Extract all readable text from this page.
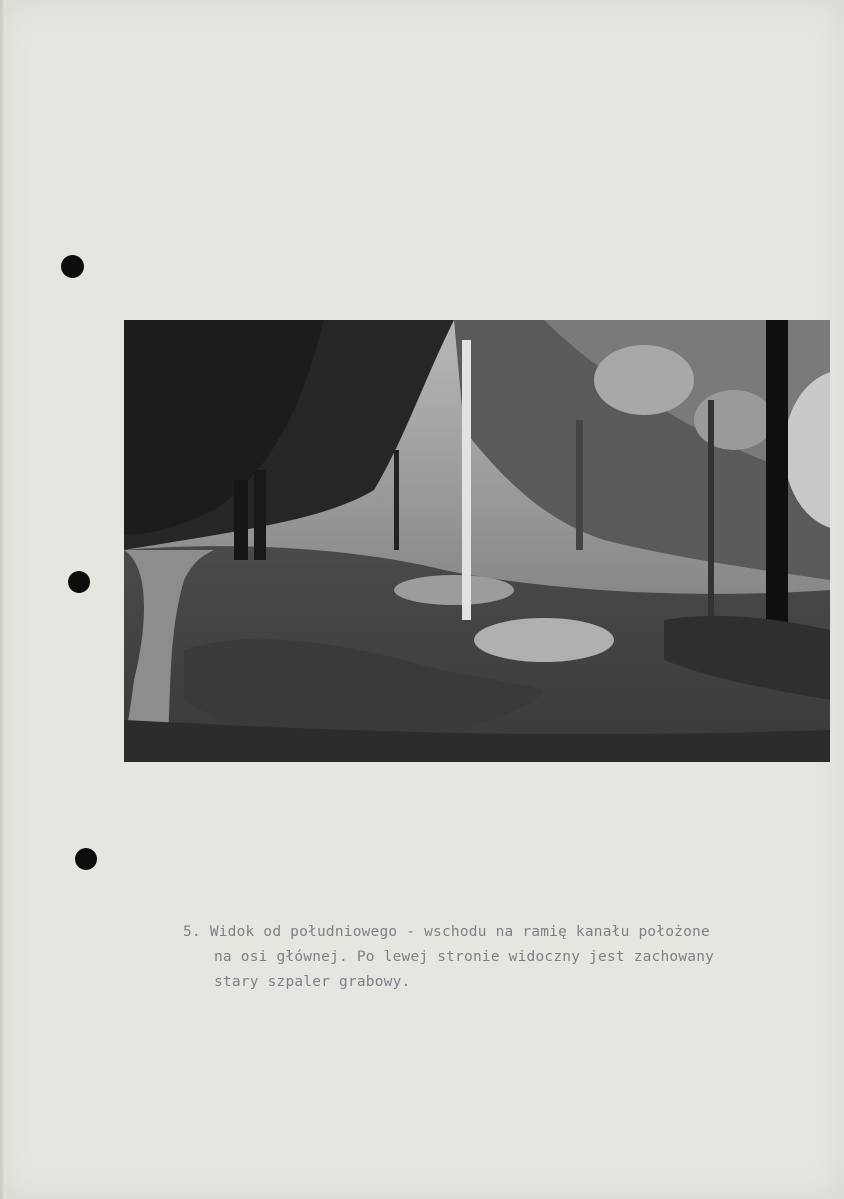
5. Widok od południowego - wschodu na ramię kanału położone
na osi głównej. Po lewej stronie widoczny jest zachowany
stary szpaler grabowy.
